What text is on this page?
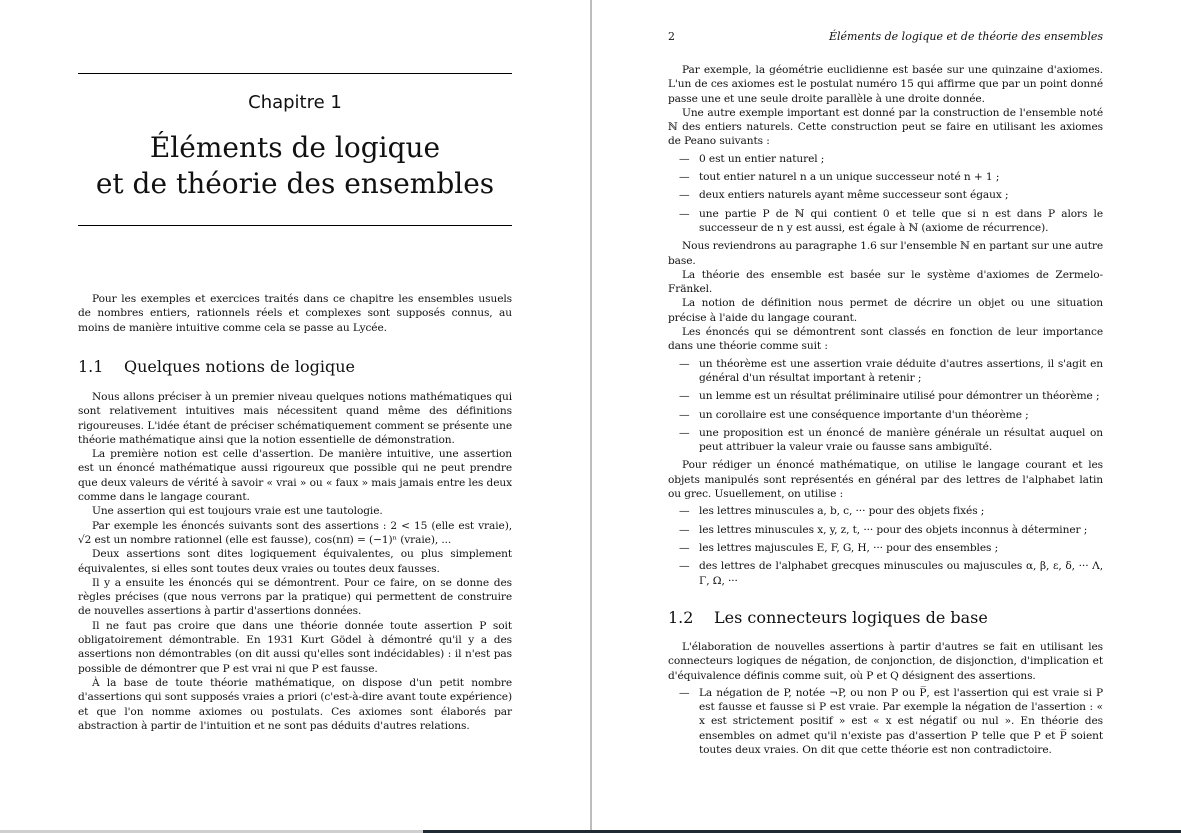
Chapitre 1
Éléments de logique
et de théorie des ensembles

Pour les exemples et exercices traités dans ce chapitre les ensembles usuels de nombres entiers, rationnels réels et complexes sont supposés connus, au moins de manière intuitive comme cela se passe au Lycée.

1.1 Quelques notions de logique

Nous allons préciser à un premier niveau quelques notions mathématiques qui sont relativement intuitives mais nécessitent quand même des définitions rigoureuses. L'idée étant de préciser schématiquement comment se présente une théorie mathématique ainsi que la notion essentielle de démonstration.

La première notion est celle d'assertion. De manière intuitive, une assertion est un énoncé mathématique aussi rigoureux que possible qui ne peut prendre que deux valeurs de vérité à savoir « vrai » ou « faux » mais jamais entre les deux comme dans le langage courant.

Une assertion qui est toujours vraie est une tautologie.

Par exemple les énoncés suivants sont des assertions : 2 < 15 (elle est vraie), √2 est un nombre rationnel (elle est fausse), cos(nπ) = (−1)ⁿ (vraie), ...

Deux assertions sont dites logiquement équivalentes, ou plus simplement équivalentes, si elles sont toutes deux vraies ou toutes deux fausses.

Il y a ensuite les énoncés qui se démontrent. Pour ce faire, on se donne des règles précises (que nous verrons par la pratique) qui permettent de construire de nouvelles assertions à partir d'assertions données.

Il ne faut pas croire que dans une théorie donnée toute assertion P soit obligatoirement démontrable. En 1931 Kurt Gödel à démontré qu'il y a des assertions non démontrables (on dit aussi qu'elles sont indécidables) : il n'est pas possible de démontrer que P est vrai ni que P est fausse.

À la base de toute théorie mathématique, on dispose d'un petit nombre d'assertions qui sont supposés vraies a priori (c'est-à-dire avant toute expérience) et que l'on nomme axiomes ou postulats. Ces axiomes sont élaborés par abstraction à partir de l'intuition et ne sont pas déduits d'autres relations.

2	Éléments de logique et de théorie des ensembles

Par exemple, la géométrie euclidienne est basée sur une quinzaine d'axiomes. L'un de ces axiomes est le postulat numéro 15 qui affirme que par un point donné passe une et une seule droite parallèle à une droite donnée.

Une autre exemple important est donné par la construction de l'ensemble noté ℕ des entiers naturels. Cette construction peut se faire en utilisant les axiomes de Peano suivants :

— 0 est un entier naturel ;
— tout entier naturel n a un unique successeur noté n + 1 ;
— deux entiers naturels ayant même successeur sont égaux ;
— une partie P de ℕ qui contient 0 et telle que si n est dans P alors le successeur de n y est aussi, est égale à ℕ (axiome de récurrence).

Nous reviendrons au paragraphe 1.6 sur l'ensemble ℕ en partant sur une autre base.

La théorie des ensemble est basée sur le système d'axiomes de Zermelo-Fränkel.

La notion de définition nous permet de décrire un objet ou une situation précise à l'aide du langage courant.

Les énoncés qui se démontrent sont classés en fonction de leur importance dans une théorie comme suit :

— un théorème est une assertion vraie déduite d'autres assertions, il s'agit en général d'un résultat important à retenir ;
— un lemme est un résultat préliminaire utilisé pour démontrer un théorème ;
— un corollaire est une conséquence importante d'un théorème ;
— une proposition est un énoncé de manière générale un résultat auquel on peut attribuer la valeur vraie ou fausse sans ambiguïté.

Pour rédiger un énoncé mathématique, on utilise le langage courant et les objets manipulés sont représentés en général par des lettres de l'alphabet latin ou grec. Usuellement, on utilise :

— les lettres minuscules a, b, c, ··· pour des objets fixés ;
— les lettres minuscules x, y, z, t, ··· pour des objets inconnus à déterminer ;
— les lettres majuscules E, F, G, H, ··· pour des ensembles ;
— des lettres de l'alphabet grecques minuscules ou majuscules α, β, ε, δ, ··· Λ, Γ, Ω, ···
1.2 Les connecteurs logiques de base

L'élaboration de nouvelles assertions à partir d'autres se fait en utilisant les connecteurs logiques de négation, de conjonction, de disjonction, d'implication et d'équivalence définis comme suit, où P et Q désignent des assertions.

— La négation de P, notée ¬P, ou non P ou P̅, est l'assertion qui est vraie si P est fausse et fausse si P est vraie. Par exemple la négation de l'assertion : « x est strictement positif » est « x est négatif ou nul ». En théorie des ensembles on admet qu'il n'existe pas d'assertion P telle que P et P̅ soient toutes deux vraies. On dit que cette théorie est non contradictoire.
